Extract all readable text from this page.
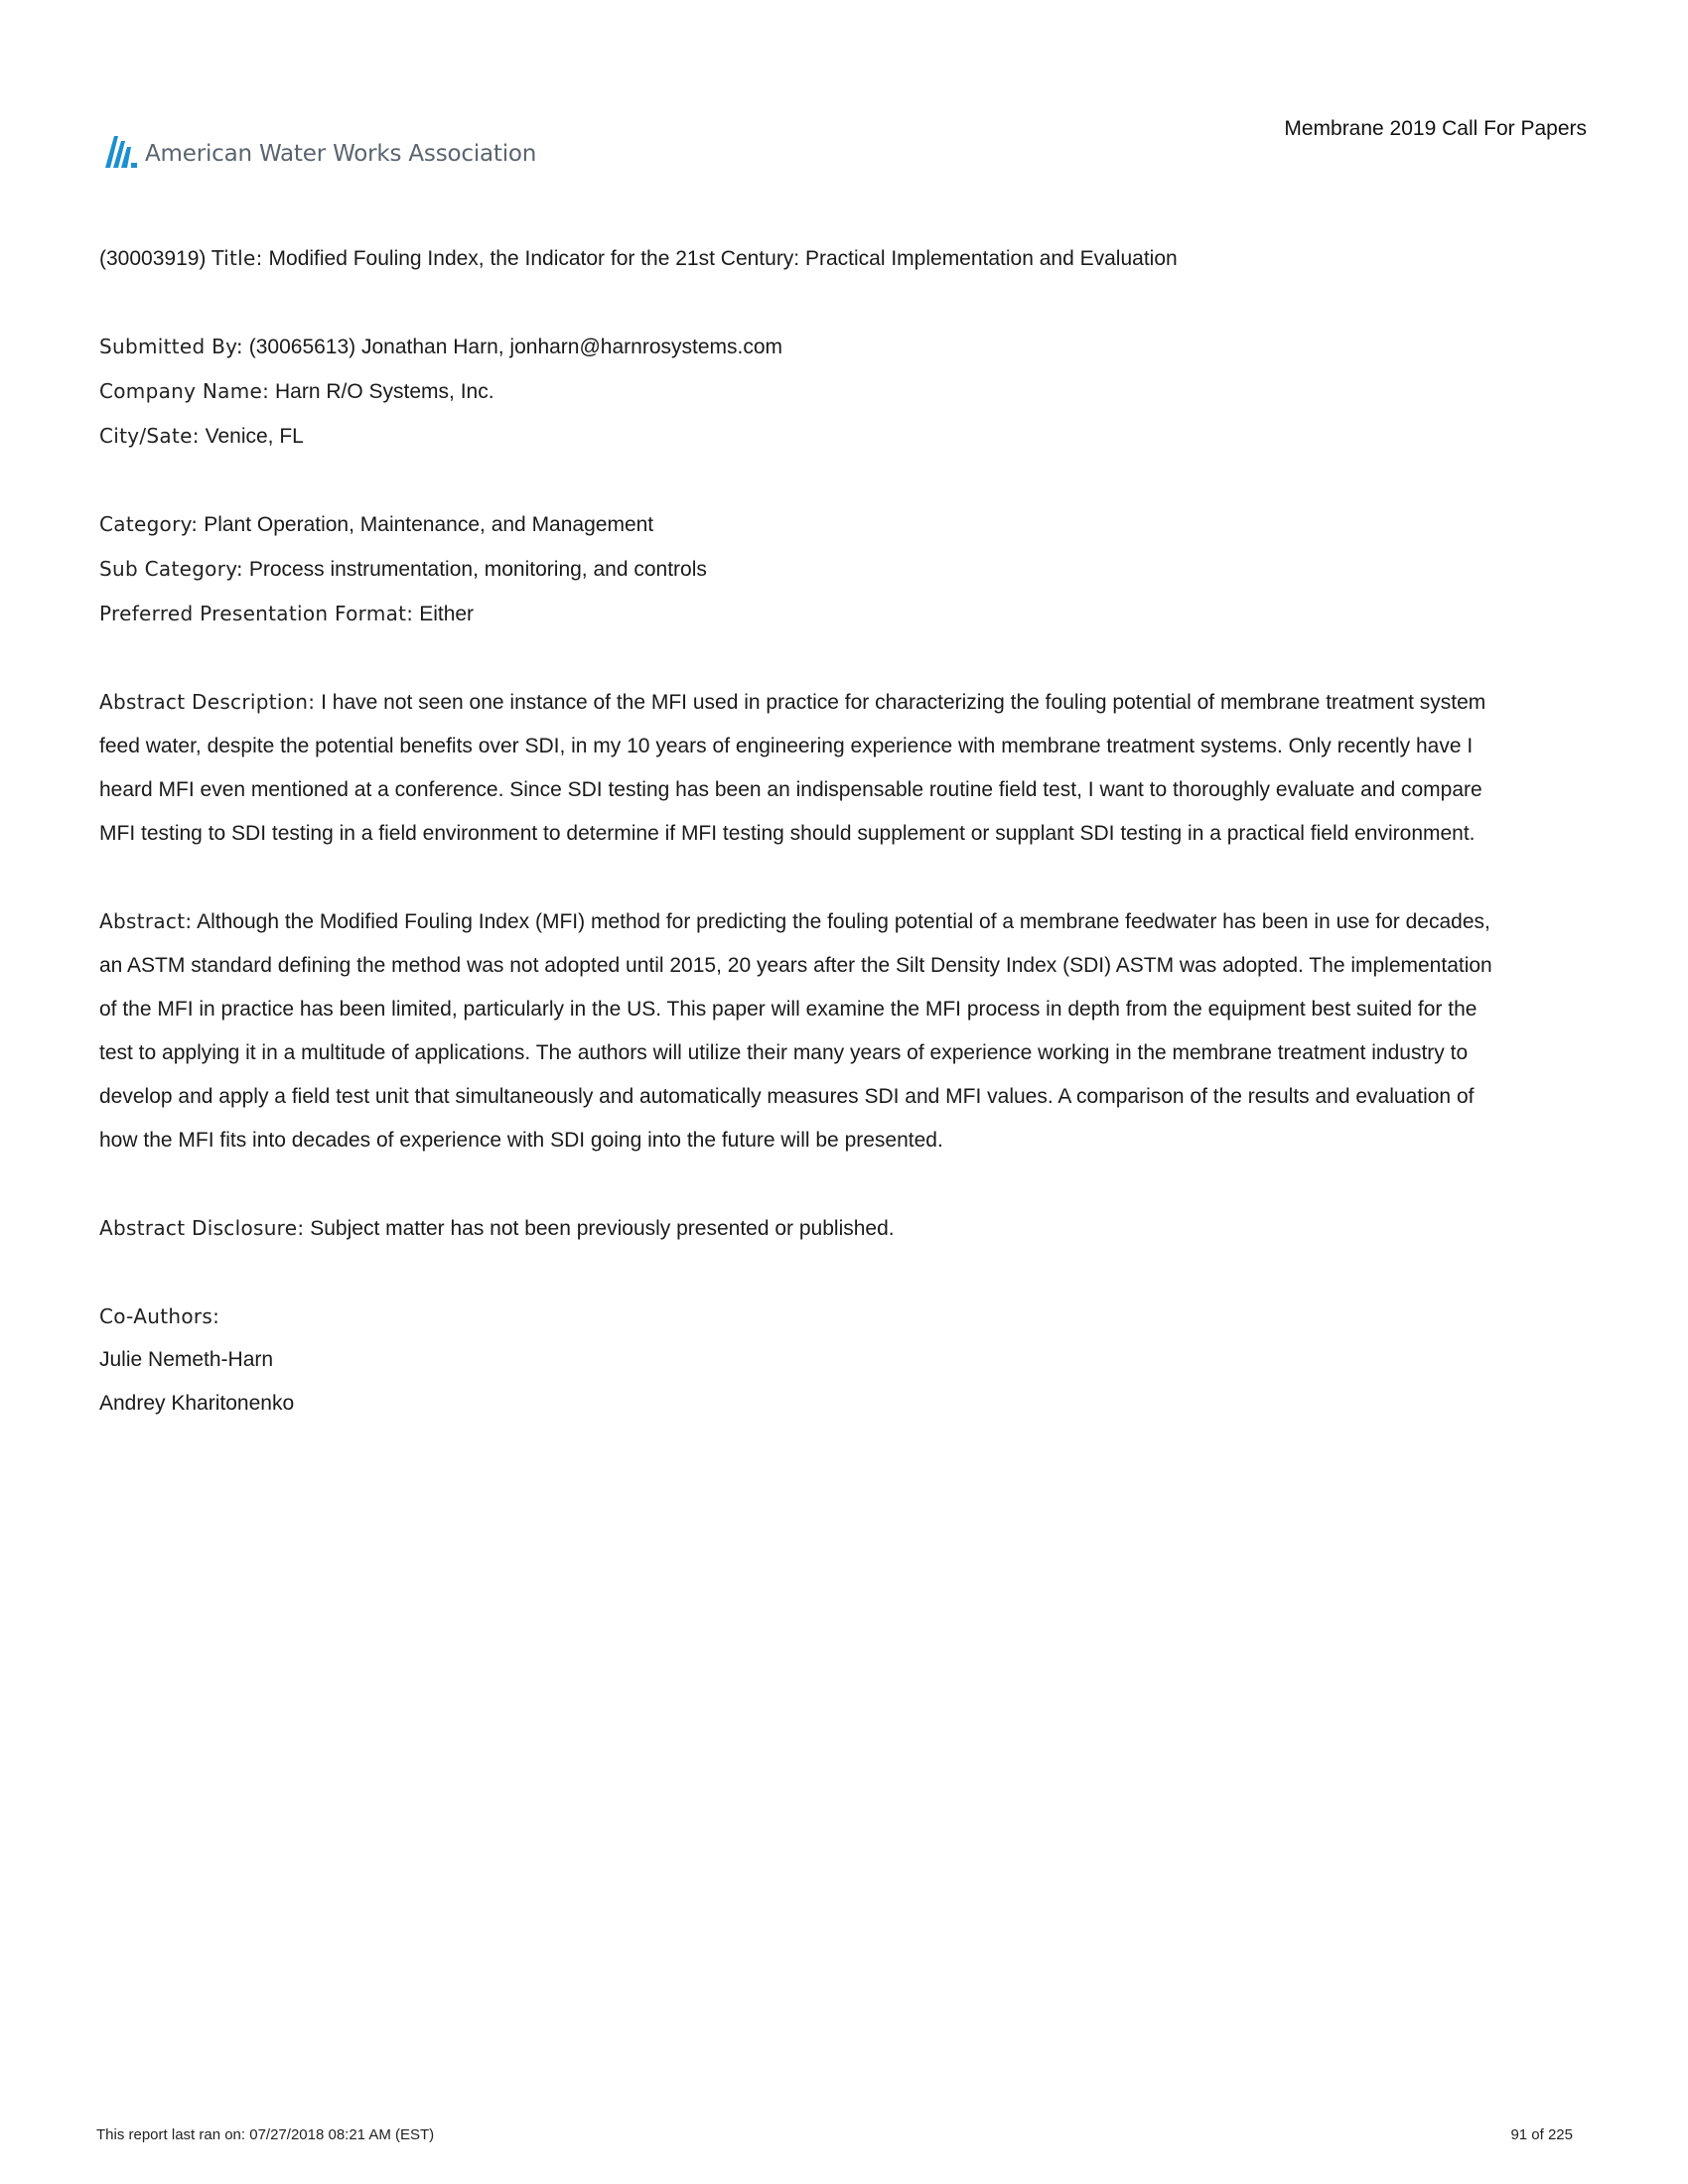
American Water Works Association
Membrane 2019 Call For Papers

(30003919) Title: Modified Fouling Index, the Indicator for the 21st Century: Practical Implementation and Evaluation

Submitted By: (30065613) Jonathan Harn, jonharn@harnrosystems.com

Company Name: Harn R/O Systems, Inc.

City/Sate: Venice, FL

Category: Plant Operation, Maintenance, and Management

Sub Category: Process instrumentation, monitoring, and controls

Preferred Presentation Format: Either

Abstract Description: I have not seen one instance of the MFI used in practice for characterizing the fouling potential of membrane treatment system

feed water, despite the potential benefits over SDI, in my 10 years of engineering experience with membrane treatment systems. Only recently have I

heard MFI even mentioned at a conference. Since SDI testing has been an indispensable routine field test, I want to thoroughly evaluate and compare

MFI testing to SDI testing in a field environment to determine if MFI testing should supplement or supplant SDI testing in a practical field environment.

Abstract: Although the Modified Fouling Index (MFI) method for predicting the fouling potential of a membrane feedwater has been in use for decades,

an ASTM standard defining the method was not adopted until 2015, 20 years after the Silt Density Index (SDI) ASTM was adopted. The implementation

of the MFI in practice has been limited, particularly in the US. This paper will examine the MFI process in depth from the equipment best suited for the

test to applying it in a multitude of applications. The authors will utilize their many years of experience working in the membrane treatment industry to

develop and apply a field test unit that simultaneously and automatically measures SDI and MFI values. A comparison of the results and evaluation of

how the MFI fits into decades of experience with SDI going into the future will be presented.

Abstract Disclosure: Subject matter has not been previously presented or published.

Co-Authors:

Julie Nemeth-Harn

Andrey Kharitonenko

This report last ran on: 07/27/2018 08:21 AM (EST)	91 of 225
